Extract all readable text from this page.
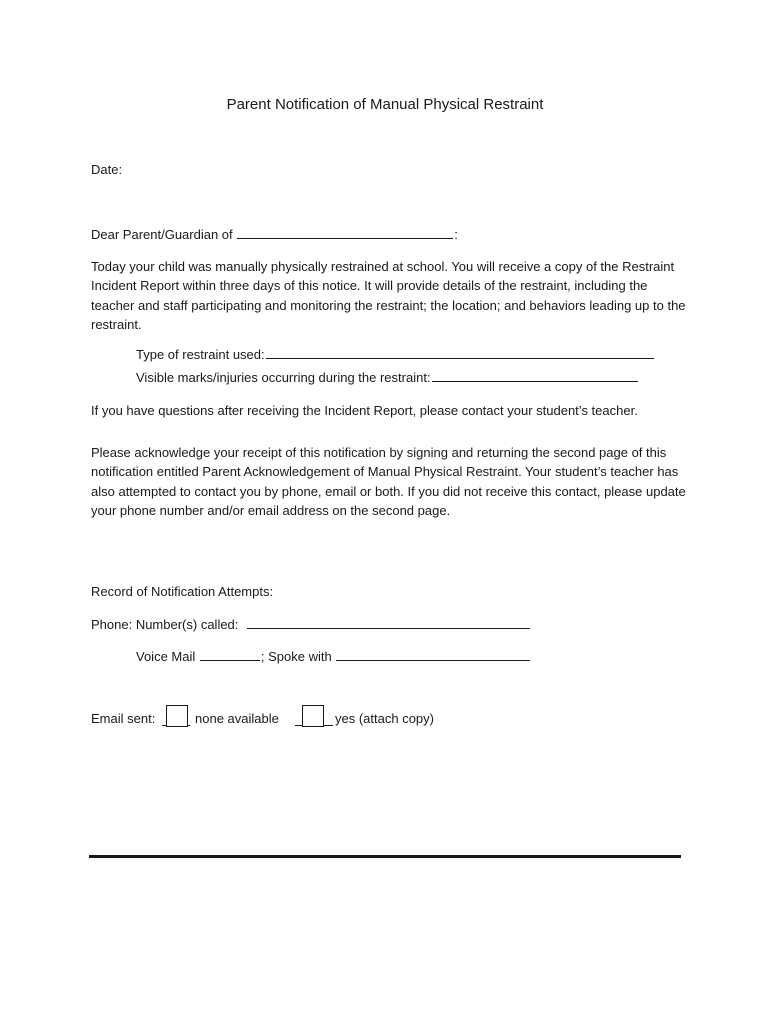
Parent Notification of Manual Physical Restraint

Date:

Dear Parent/Guardian of	:

Today your child was manually physically restrained at school. You will receive a copy of the Restraint Incident Report within three days of this notice. It will provide details of the restraint, including the teacher and staff participating and monitoring the restraint; the location; and behaviors leading up to the restraint.

Type of restraint used:

Visible marks/injuries occurring during the restraint:

If you have questions after receiving the Incident Report, please contact your student’s teacher.

Please acknowledge your receipt of this notification by signing and returning the second page of this notification entitled Parent Acknowledgement of Manual Physical Restraint. Your student’s teacher has also attempted to contact you by phone, email or both. If you did not receive this contact, please update your phone number and/or email address on the second page.

Record of Notification Attempts:

Phone: Number(s) called:

Voice Mail	; Spoke with

Email sent:	none available	yes (attach copy)
